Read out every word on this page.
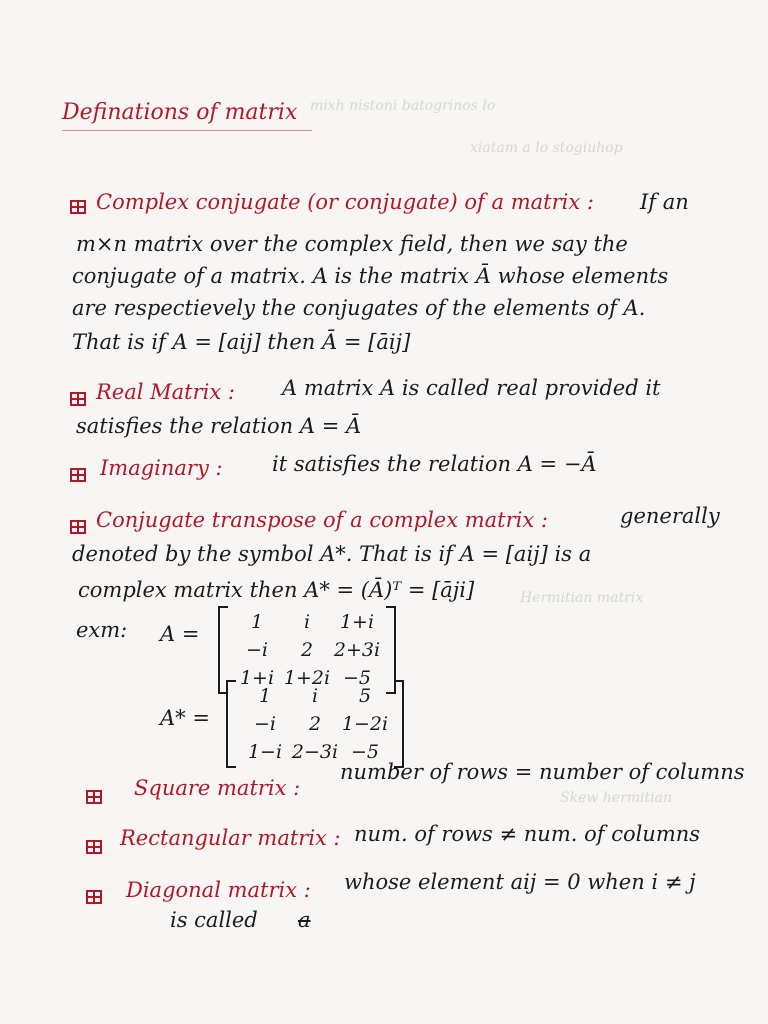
mixh nistoni batogrinos lo
xiatam a lo stogiuhop
Hermitian matrix
Skew hermitian
Definations of matrix
Complex conjugate (or conjugate) of a matrix : If an
m×n matrix over the complex field, then we say the
conjugate of a matrix. A is the matrix Ā whose elements
are respectievely the conjugates of the elements of A.
That is if A = [aij] then Ā = [āij]
Real Matrix : A matrix A is called real provided it
satisfies the relation A = Ā
Imaginary : it satisfies the relation A = −Ā
Conjugate transpose of a complex matrix :	generally
denoted by the symbol A*. That is if A = [aij] is a
complex matrix then A* = (Ā)ᵀ = [āji]
exm: A =	1 i 1+i
−i 2 2+3i
1+i 1+2i −5
A* =
1 i 5
−i 2 1−2i
1−i 2−3i −5
Square matrix :
number of rows = number of columns
Rectangular matrix : num. of rows ≠ num. of columns
Diagonal matrix : whose element aij = 0 when i ≠ j
is called a
